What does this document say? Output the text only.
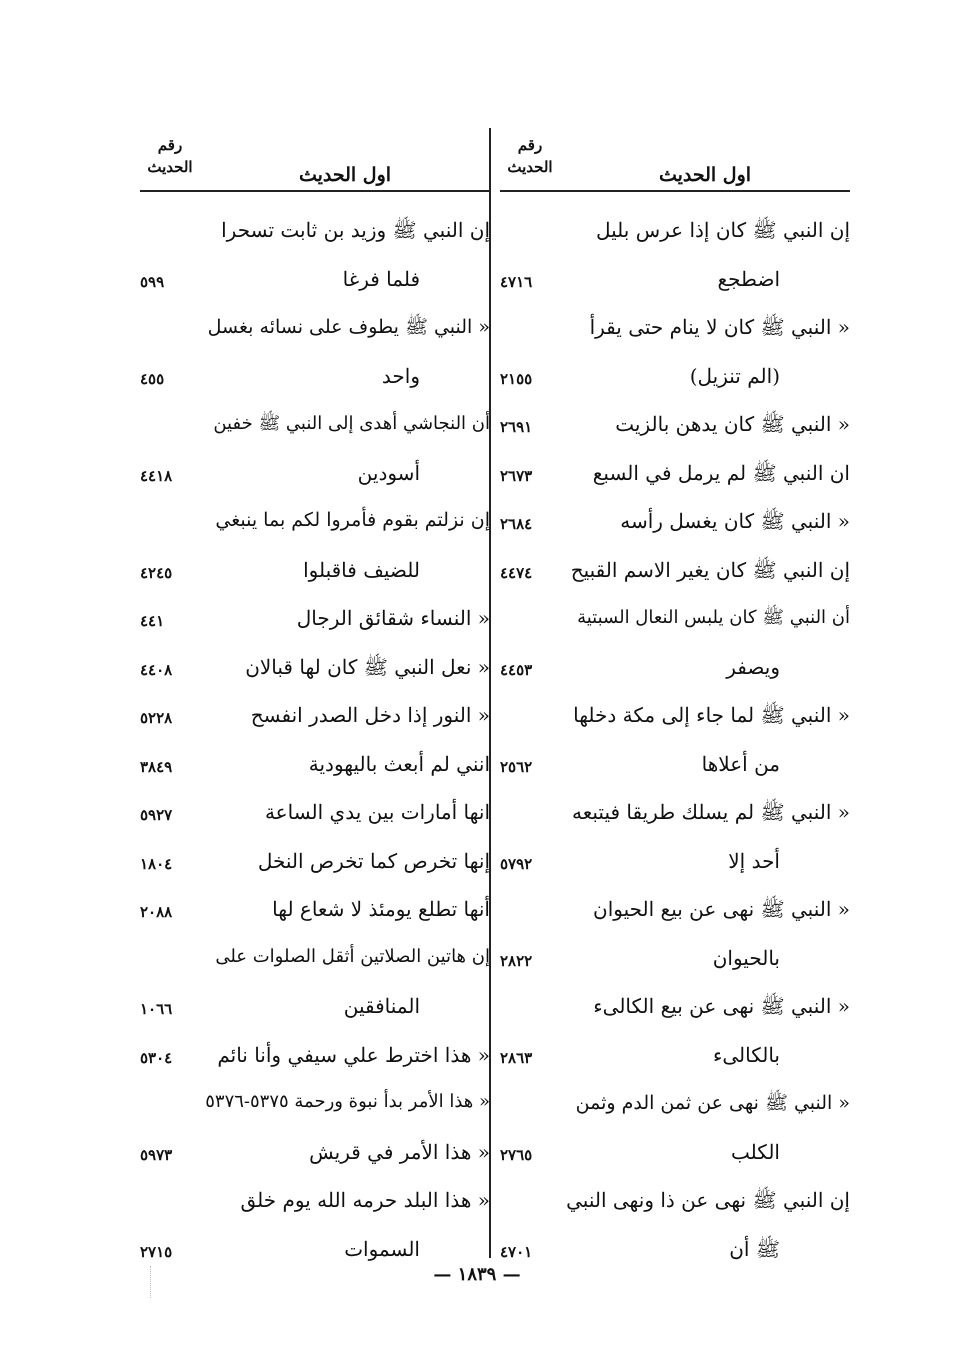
اول الحديث
رقم
الحديث
إن النبي ﷺ كان إذا عرس بليل
اضطجع
٤٧١٦
« النبي ﷺ كان لا ينام حتى يقرأ
(الم تنزيل)
٢١٥٥
« النبي ﷺ كان يدهن بالزيت
٢٦٩١
ان النبي ﷺ لم يرمل في السبع
٢٦٧٣
« النبي ﷺ كان يغسل رأسه
٢٦٨٤
إن النبي ﷺ كان يغير الاسم القبيح
٤٤٧٤
أن النبي ﷺ كان يلبس النعال السبتية
ويصفر
٤٤٥٣
« النبي ﷺ لما جاء إلى مكة دخلها
من أعلاها
٢٥٦٢
« النبي ﷺ لم يسلك طريقا فيتبعه
أحد إلا
٥٧٩٢
« النبي ﷺ نهى عن بيع الحيوان
بالحيوان
٢٨٢٢
« النبي ﷺ نهى عن بيع الكالىء
بالكالىء
٢٨٦٣
« النبي ﷺ نهى عن ثمن الدم وثمن
الكلب
٢٧٦٥
إن النبي ﷺ نهى عن ذا ونهى النبي
ﷺ أن
٤٧٠١
اول الحديث
رقم
الحديث
إن النبي ﷺ وزيد بن ثابت تسحرا
فلما فرغا
٥٩٩
« النبي ﷺ يطوف على نسائه بغسل
واحد
٤٥٥
أن النجاشي أهدى إلى النبي ﷺ خفين
أسودين
٤٤١٨
إن نزلتم بقوم فأمروا لكم بما ينبغي
للضيف فاقبلوا
٤٢٤٥
« النساء شقائق الرجال
٤٤١
« نعل النبي ﷺ كان لها قبالان
٤٤٠٨
« النور إذا دخل الصدر انفسح
٥٢٢٨
انني لم أبعث باليهودية
٣٨٤٩
انها أمارات بين يدي الساعة
٥٩٢٧
إنها تخرص كما تخرص النخل
١٨٠٤
أنها تطلع يومئذ لا شعاع لها
٢٠٨٨
إن هاتين الصلاتين أثقل الصلوات على
المنافقين
١٠٦٦
« هذا اخترط علي سيفي وأنا نائم
٥٣٠٤
« هذا الأمر بدأ نبوة ورحمة ٥٣٧٥-٥٣٧٦
« هذا الأمر في قريش
٥٩٧٣
« هذا البلد حرمه الله يوم خلق
السموات
٢٧١٥
— ١٨٣٩ —
